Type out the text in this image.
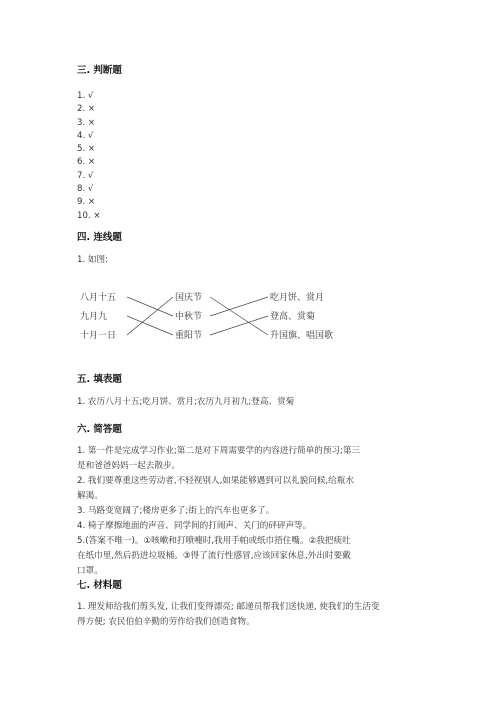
三. 判断题

1. √
2. ×
3. ×
4. √
5. ×
6. ×
7. √
8. √
9. ×
10. ×

四. 连线题

1. 如图:

八月十五
九月九
十月一日
国庆节
中秋节
重阳节
吃月饼、赏月
登高、赏菊
升国旗、唱国歌

五. 填表题

1. 农历八月十五;吃月饼、赏月;农历九月初九;登高、赏菊

六. 简答题

1. 第一件是完成学习作业;第二是对下周需要学的内容进行简单的预习;第三
是和爸爸妈妈一起去散步。
2. 我们要尊重这些劳动者,不轻视别人,如果能够遇到可以礼貌问候,给瓶水
解渴。
3. 马路变宽阔了;楼房更多了;街上的汽车也更多了。
4. 椅子摩擦地面的声音、同学间的打闹声、关门的砰砰声等。
5.(答案不唯一)。①咳嗽和打喷嚏时,我用手帕或纸巾捂住嘴。②我把痰吐
在纸巾里,然后扔进垃圾桶。③得了流行性感冒,应该回家休息,外出时要戴
口罩。

七. 材料题

1. 理发师给我们剪头发, 让我们变得漂亮; 邮递员帮我们送快递, 使我们的生活变
得方便; 农民伯伯辛勤的劳作给我们创造食物。
